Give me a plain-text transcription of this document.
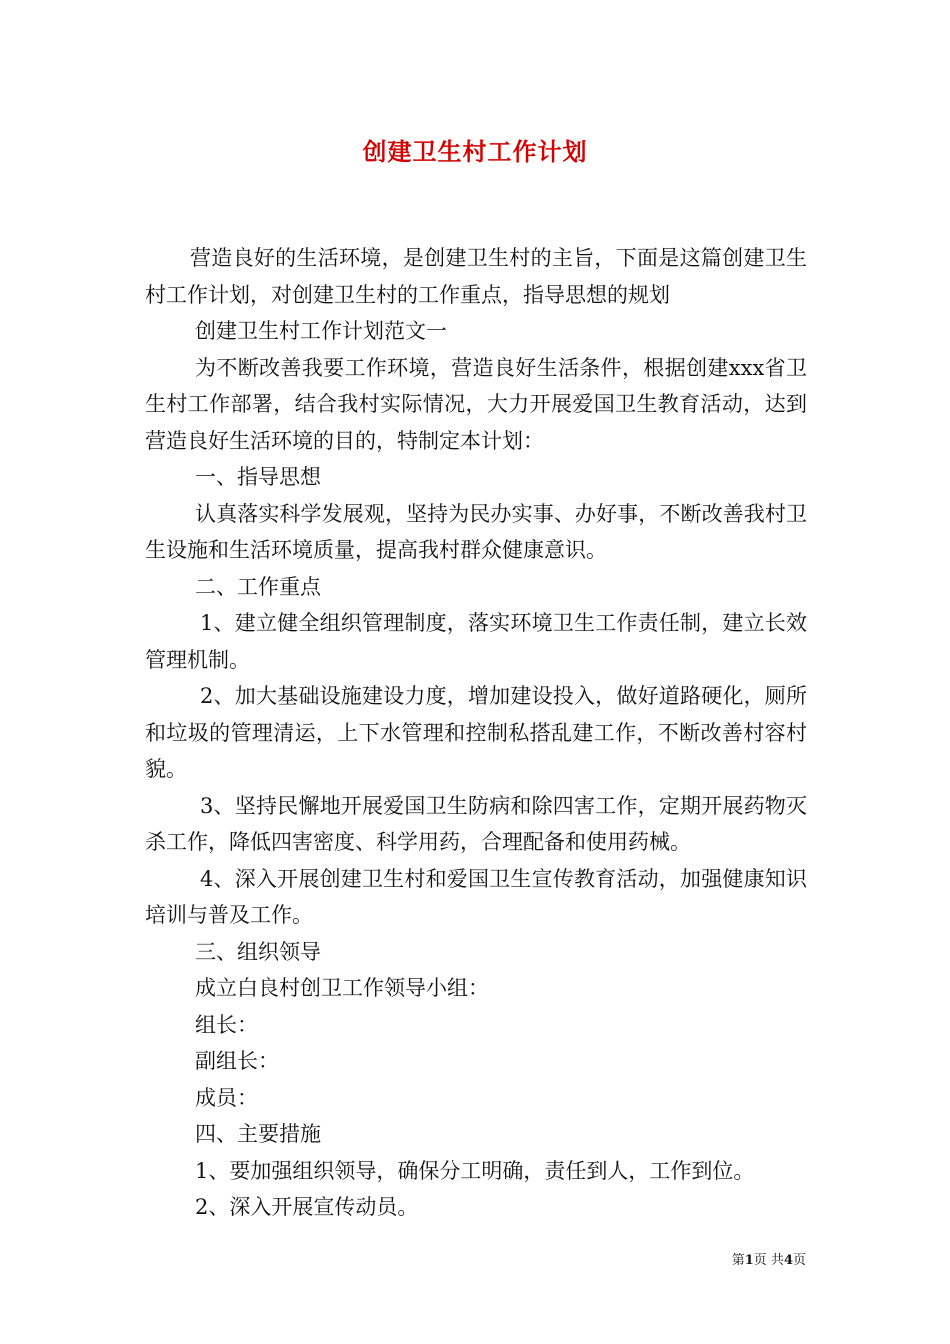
创建卫生村工作计划

营造良好的生活环境，是创建卫生村的主旨，下面是这篇创建卫生村工作计划，对创建卫生村的工作重点，指导思想的规划

创建卫生村工作计划范文一

为不断改善我要工作环境，营造良好生活条件，根据创建xxx省卫生村工作部署，结合我村实际情况，大力开展爱国卫生教育活动，达到营造良好生活环境的目的，特制定本计划：

一、指导思想

认真落实科学发展观，坚持为民办实事、办好事，不断改善我村卫生设施和生活环境质量，提高我村群众健康意识。

二、工作重点

1、建立健全组织管理制度，落实环境卫生工作责任制，建立长效管理机制。

2、加大基础设施建设力度，增加建设投入，做好道路硬化，厕所和垃圾的管理清运，上下水管理和控制私搭乱建工作，不断改善村容村貌。

3、坚持民懈地开展爱国卫生防病和除四害工作，定期开展药物灭杀工作，降低四害密度、科学用药，合理配备和使用药械。

4、深入开展创建卫生村和爱国卫生宣传教育活动，加强健康知识培训与普及工作。

三、组织领导

成立白良村创卫工作领导小组：

组长：

副组长：

成员：

四、主要措施

1、要加强组织领导，确保分工明确，责任到人，工作到位。

2、深入开展宣传动员。

第1页 共4页
